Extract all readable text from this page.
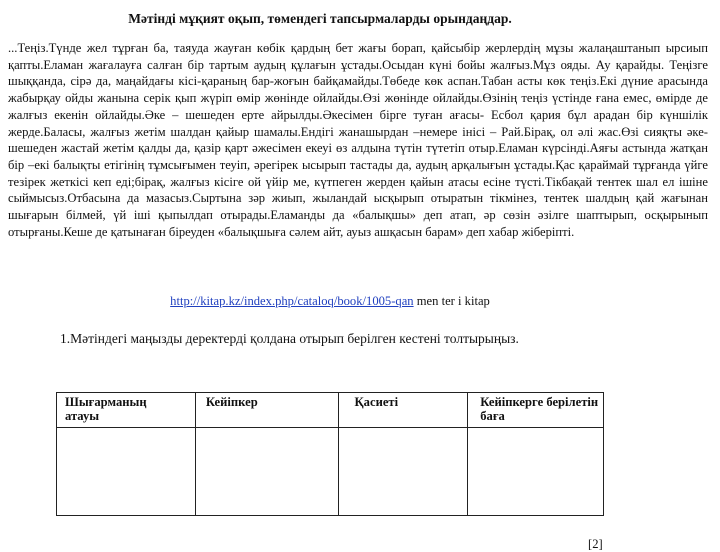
Мәтінді мұқият оқып, төмендегі тапсырмаларды орындаңдар.

...Теңіз.Түнде жел тұрған ба, таяуда жауған көбік қардың бет жағы борап, қайсыбір жерлердің мұзы жалаңаштанып ырсиып қапты.Еламан жағалауға салған бір тартым аудың құлағын ұстады.Осыдан күні бойы жалғыз.Мұз ояды. Ау қарайды. Теңізге шыққанда, сірә да, маңайдағы кісі-қараның бар-жоғын байқамайды.Төбеде көк аспан.Табан асты көк теңіз.Екі дүние арасында жабырқау ойды жанына серік қып жүріп өмір жөнінде ойлайды.Өзі жөнінде ойлайды.Өзінің теңіз үстінде ғана емес, өмірде де жалғыз екенін ойлайды.Әке – шешеден ерте айрылды.Әкесімен бірге туған ағасы- Есбол қария бұл арадан бір күншілік жерде.Баласы, жалғыз жетім шалдан қайыр шамалы.Ендігі жанашырдан –немере інісі – Рай.Бірақ, ол әлі жас.Өзі сияқты әке-шешеден жастай жетім қалды да, қазір қарт әжесімен екеуі өз алдына түтін түтетіп отыр.Еламан күрсінді.Аяғы астында жатқан бір –екі балықты етігінің тұмсығымен теуіп, әрегірек ысырып тастады да, аудың арқалығын ұстады.Қас қараймай тұрғанда үйге тезірек жеткісі кеп еді;бірақ, жалғыз кісіге ой үйір ме, күтпеген жерден қайын атасы есіне түсті.Тікбақай тентек шал ел ішіне сыймысыз.Отбасына да мазасыз.Сыртына зәр жиып, жыландай ысқырып отыратын тікмінез, тентек шалдың қай жағынан шығарын білмей, үй іші қыпылдап отырады.Еламанды да «балықшы» деп атап, әр сөзін әзілге шаптырып, осқырынып отырғаны.Кеше де қатынаған біреуден «балықшыға сәлем айт, ауыз ашқасын барам» деп хабар жіберіпті.

http://kitap.kz/index.php/cataloq/book/1005-qan men ter i kitap
1.Мәтіндегі маңызды деректерді қолдана отырып берілген кестені толтырыңыз.
Шығарманың атауы	Кейіпкер	Қасиеті	Кейіпкерге берілетін баға

[2]
